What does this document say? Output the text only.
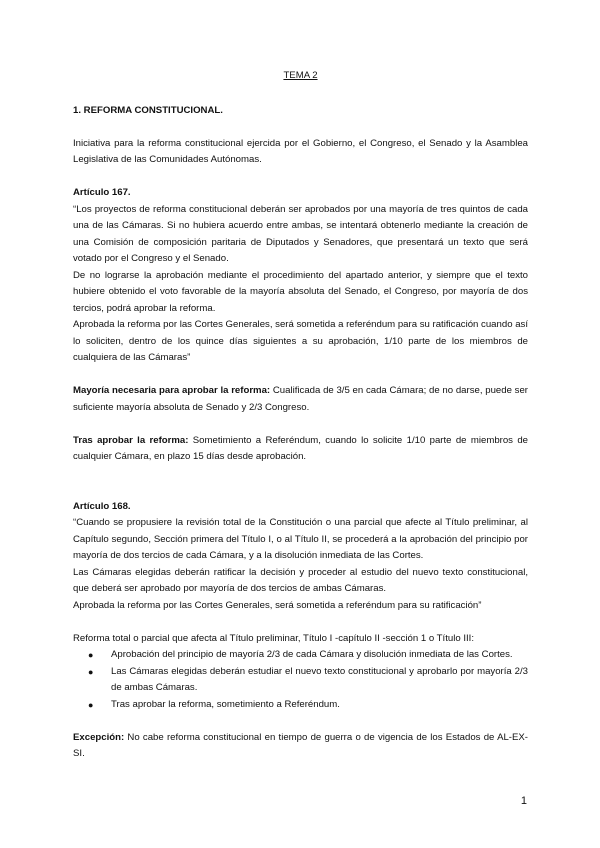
TEMA 2

1. REFORMA CONSTITUCIONAL.

Iniciativa para la reforma constitucional ejercida por el Gobierno, el Congreso, el Senado y la Asamblea Legislativa de las Comunidades Autónomas.

Artículo 167.

“Los proyectos de reforma constitucional deberán ser aprobados por una mayoría de tres quintos de cada una de las Cámaras. Si no hubiera acuerdo entre ambas, se intentará obtenerlo mediante la creación de una Comisión de composición paritaria de Diputados y Senadores, que presentará un texto que será votado por el Congreso y el Senado.

De no lograrse la aprobación mediante el procedimiento del apartado anterior, y siempre que el texto hubiere obtenido el voto favorable de la mayoría absoluta del Senado, el Congreso, por mayoría de dos tercios, podrá aprobar la reforma.

Aprobada la reforma por las Cortes Generales, será sometida a referéndum para su ratificación cuando así lo soliciten, dentro de los quince días siguientes a su aprobación, 1/10 parte de los miembros de cualquiera de las Cámaras”

Mayoría necesaria para aprobar la reforma: Cualificada de 3/5 en cada Cámara; de no darse, puede ser suficiente mayoría absoluta de Senado y 2/3 Congreso.

Tras aprobar la reforma: Sometimiento a Referéndum, cuando lo solicite 1/10 parte de miembros de cualquier Cámara, en plazo 15 días desde aprobación.

Artículo 168.

“Cuando se propusiere la revisión total de la Constitución o una parcial que afecte al Título preliminar, al Capítulo segundo, Sección primera del Título I, o al Título II, se procederá a la aprobación del principio por mayoría de dos tercios de cada Cámara, y a la disolución inmediata de las Cortes.

Las Cámaras elegidas deberán ratificar la decisión y proceder al estudio del nuevo texto constitucional, que deberá ser aprobado por mayoría de dos tercios de ambas Cámaras.

Aprobada la reforma por las Cortes Generales, será sometida a referéndum para su ratificación”

Reforma total o parcial que afecta al Título preliminar, Título I -capítulo II -sección 1 o Título III:

● Aprobación del principio de mayoría 2/3 de cada Cámara y disolución inmediata de las Cortes.
● Las Cámaras elegidas deberán estudiar el nuevo texto constitucional y aprobarlo por mayoría 2/3 de ambas Cámaras.
● Tras aprobar la reforma, sometimiento a Referéndum.

Excepción: No cabe reforma constitucional en tiempo de guerra o de vigencia de los Estados de AL-EX-SI.

1
